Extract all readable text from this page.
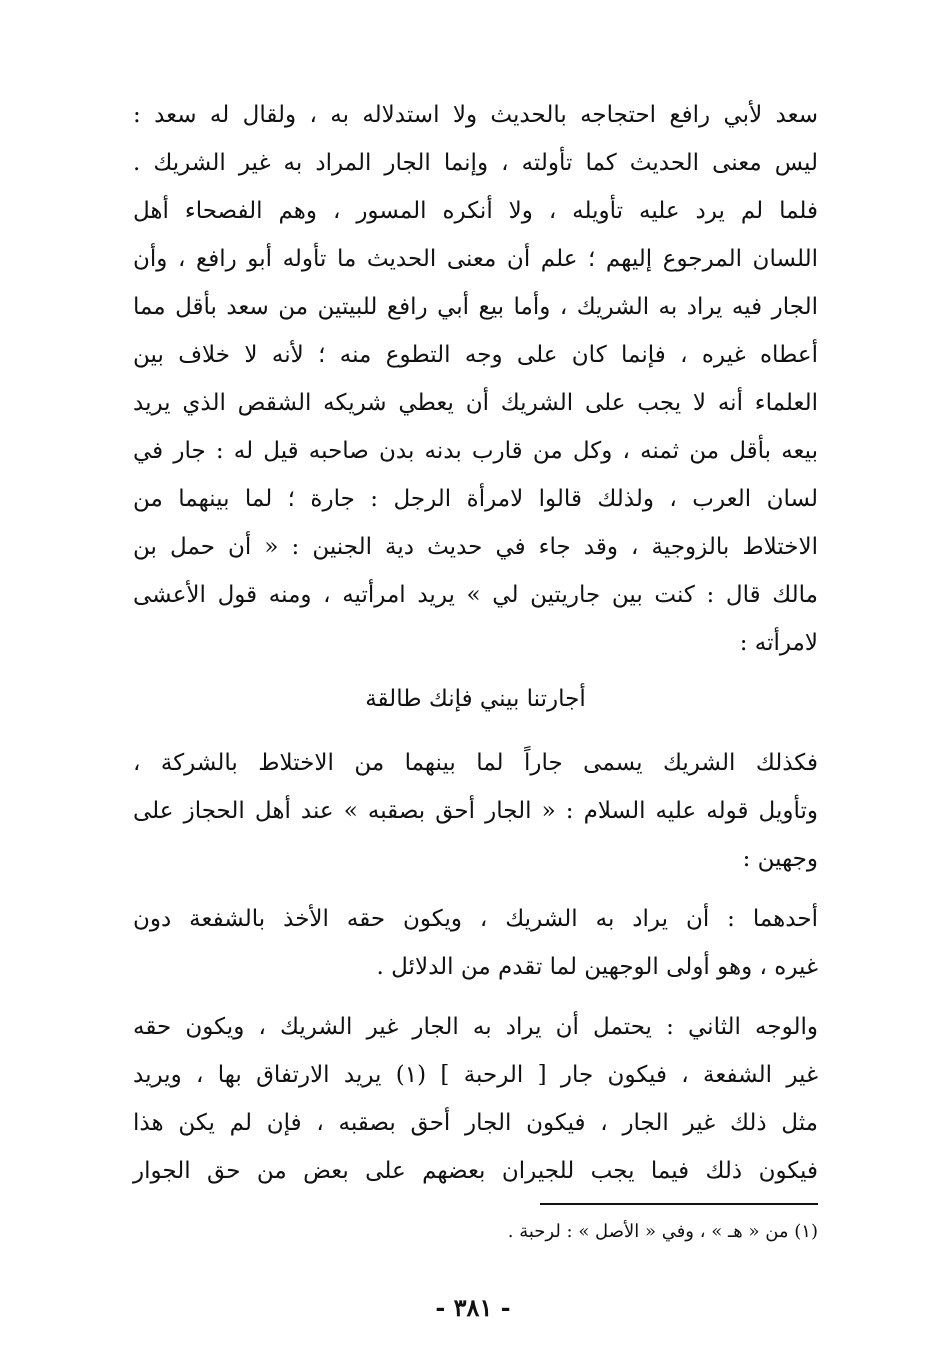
سعد لأبي رافع احتجاجه بالحديث ولا استدلاله به ، ولقال له سعد :
ليس معنى الحديث كما تأولته ، وإنما الجار المراد به غير الشريك .
فلما لم يرد عليه تأويله ، ولا أنكره المسور ، وهم الفصحاء أهل
اللسان المرجوع إليهم ؛ علم أن معنى الحديث ما تأوله أبو رافع ، وأن
الجار فيه يراد به الشريك ، وأما بيع أبي رافع للبيتين من سعد بأقل مما
أعطاه غيره ، فإنما كان على وجه التطوع منه ؛ لأنه لا خلاف بين
العلماء أنه لا يجب على الشريك أن يعطي شريكه الشقص الذي يريد
بيعه بأقل من ثمنه ، وكل من قارب بدنه بدن صاحبه قيل له : جار في
لسان العرب ، ولذلك قالوا لامرأة الرجل : جارة ؛ لما بينهما من
الاختلاط بالزوجية ، وقد جاء في حديث دية الجنين : « أن حمل بن
مالك قال : كنت بين جاريتين لي » يريد امرأتيه ، ومنه قول الأعشى
لامرأته :
أجارتنا بيني فإنك طالقة
فكذلك الشريك يسمى جاراً لما بينهما من الاختلاط بالشركة ،
وتأويل قوله عليه السلام : « الجار أحق بصقبه » عند أهل الحجاز على
وجهين :
أحدهما : أن يراد به الشريك ، ويكون حقه الأخذ بالشفعة دون
غيره ، وهو أولى الوجهين لما تقدم من الدلائل .
والوجه الثاني : يحتمل أن يراد به الجار غير الشريك ، ويكون حقه
غير الشفعة ، فيكون جار [ الرحبة ] (١) يريد الارتفاق بها ، ويريد
مثل ذلك غير الجار ، فيكون الجار أحق بصقبه ، فإن لم يكن هذا
فيكون ذلك فيما يجب للجيران بعضهم على بعض من حق الجوار
(١) من « هـ » ، وفي « الأصل » : لرحبة .
- ٣٨١ -
